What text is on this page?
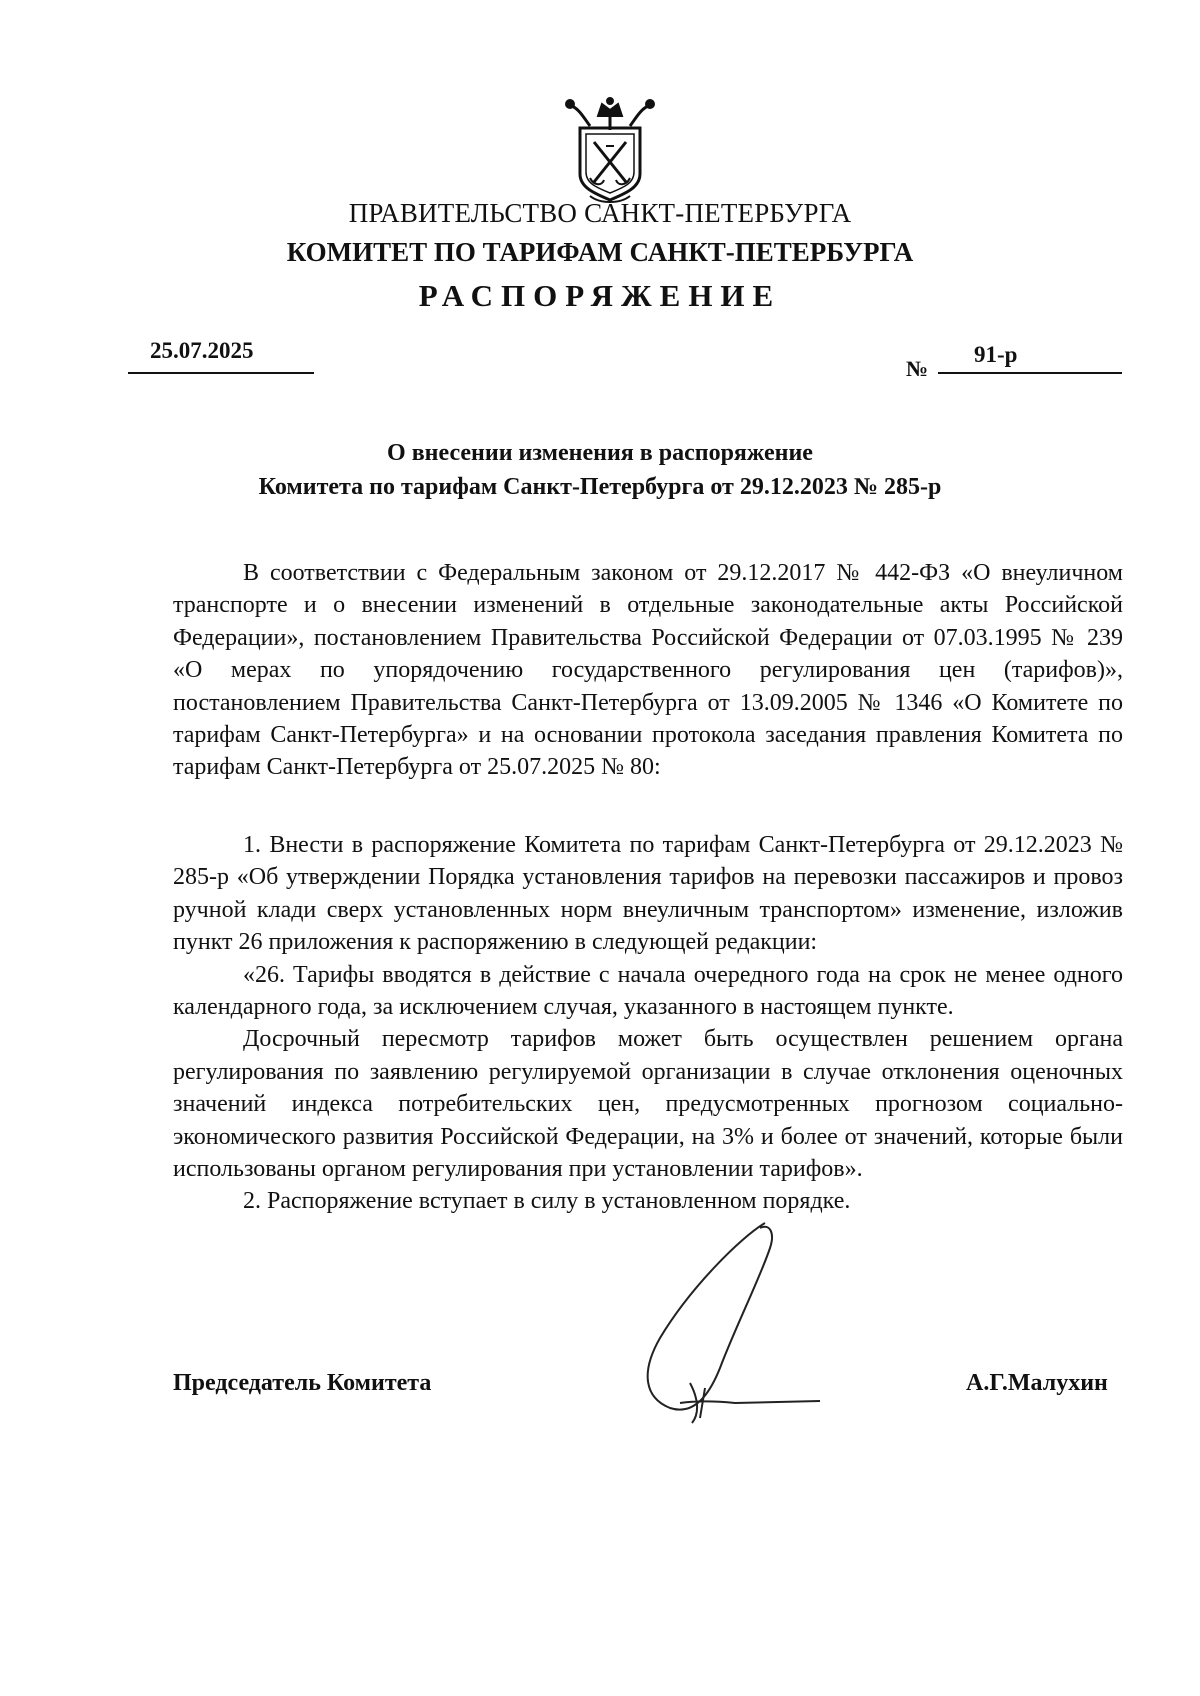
ПРАВИТЕЛЬСТВО САНКТ-ПЕТЕРБУРГА
КОМИТЕТ ПО ТАРИФАМ САНКТ-ПЕТЕРБУРГА
РАСПОРЯЖЕНИЕ
25.07.2025
№
91-р
О внесении изменения в распоряжение
Комитета по тарифам Санкт-Петербурга от 29.12.2023 № 285-р

В соответствии с Федеральным законом от 29.12.2017 № 442-ФЗ «О внеуличном транспорте и о внесении изменений в отдельные законодательные акты Российской Федерации», постановлением Правительства Российской Федерации от 07.03.1995 № 239 «О мерах по упорядочению государственного регулирования цен (тарифов)», постановлением Правительства Санкт-Петербурга от 13.09.2005 № 1346 «О Комитете по тарифам Санкт-Петербурга» и на основании протокола заседания правления Комитета по тарифам Санкт-Петербурга от 25.07.2025 № 80:

1. Внести в распоряжение Комитета по тарифам Санкт-Петербурга от 29.12.2023 № 285-р «Об утверждении Порядка установления тарифов на перевозки пассажиров и провоз ручной клади сверх установленных норм внеуличным транспортом» изменение, изложив пункт 26 приложения к распоряжению в следующей редакции:

«26. Тарифы вводятся в действие с начала очередного года на срок не менее одного календарного года, за исключением случая, указанного в настоящем пункте.

Досрочный пересмотр тарифов может быть осуществлен решением органа регулирования по заявлению регулируемой организации в случае отклонения оценочных значений индекса потребительских цен, предусмотренных прогнозом социально-экономического развития Российской Федерации, на 3% и более от значений, которые были использованы органом регулирования при установлении тарифов».

2. Распоряжение вступает в силу в установленном порядке.

Председатель Комитета	А.Г.Малухин
